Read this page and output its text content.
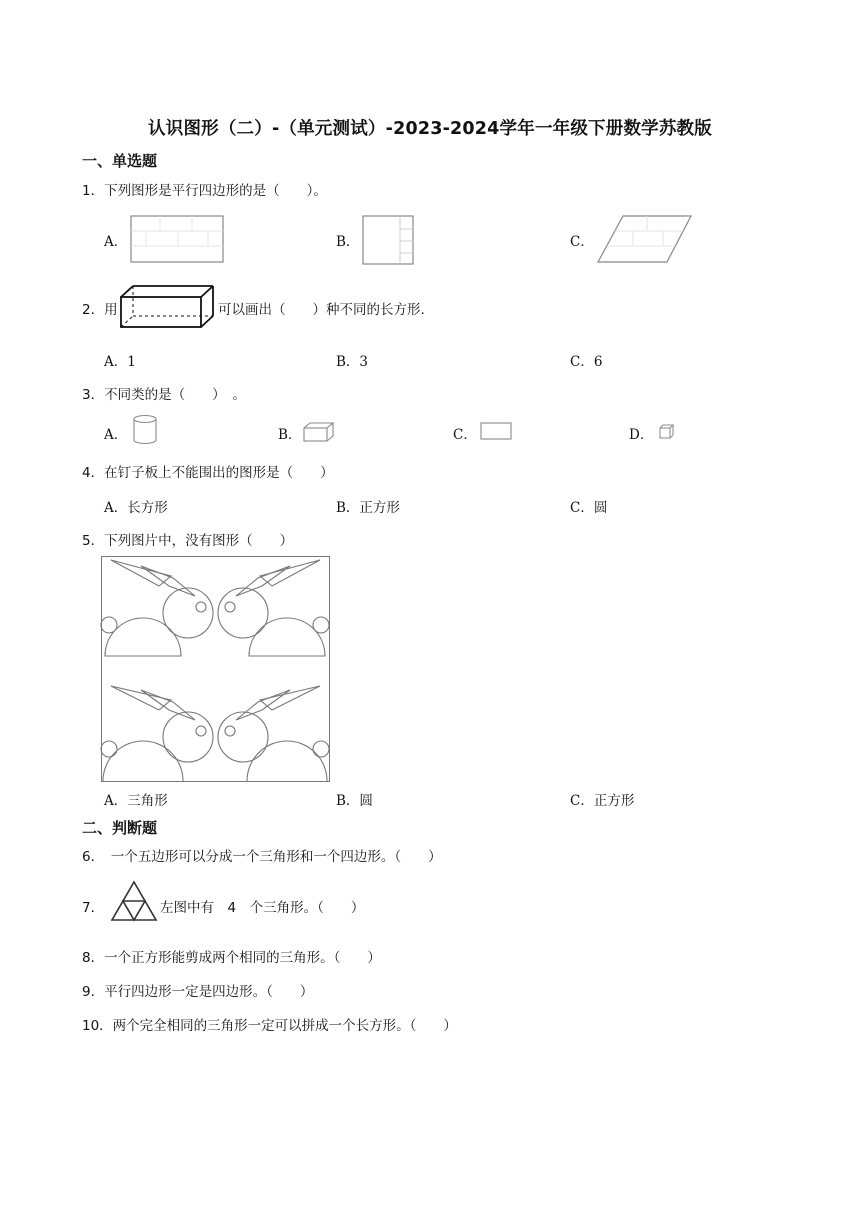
认识图形（二）-（单元测试）-2023-2024学年一年级下册数学苏教版
一、单选题
1．下列图形是平行四边形的是（　　）。
A．	B．	C．
2．用	可以画出（　　）种不同的长方形.
A．1	B．3	C．6
3．不同类的是（　　）　。
A．	B．	C．	D．
4．在钉子板上不能围出的图形是（　　）
A．长方形	B．正方形	C．圆
5．下列图片中，没有图形（　　）
A．三角形	B．圆	C．正方形
二、判断题
6．　一个五边形可以分成一个三角形和一个四边形。（　　）
7．	左图中有　4　个三角形。（　　）
8．一个正方形能剪成两个相同的三角形。（　　）
9．平行四边形一定是四边形。（　　）
10．两个完全相同的三角形一定可以拼成一个长方形。（　　）
